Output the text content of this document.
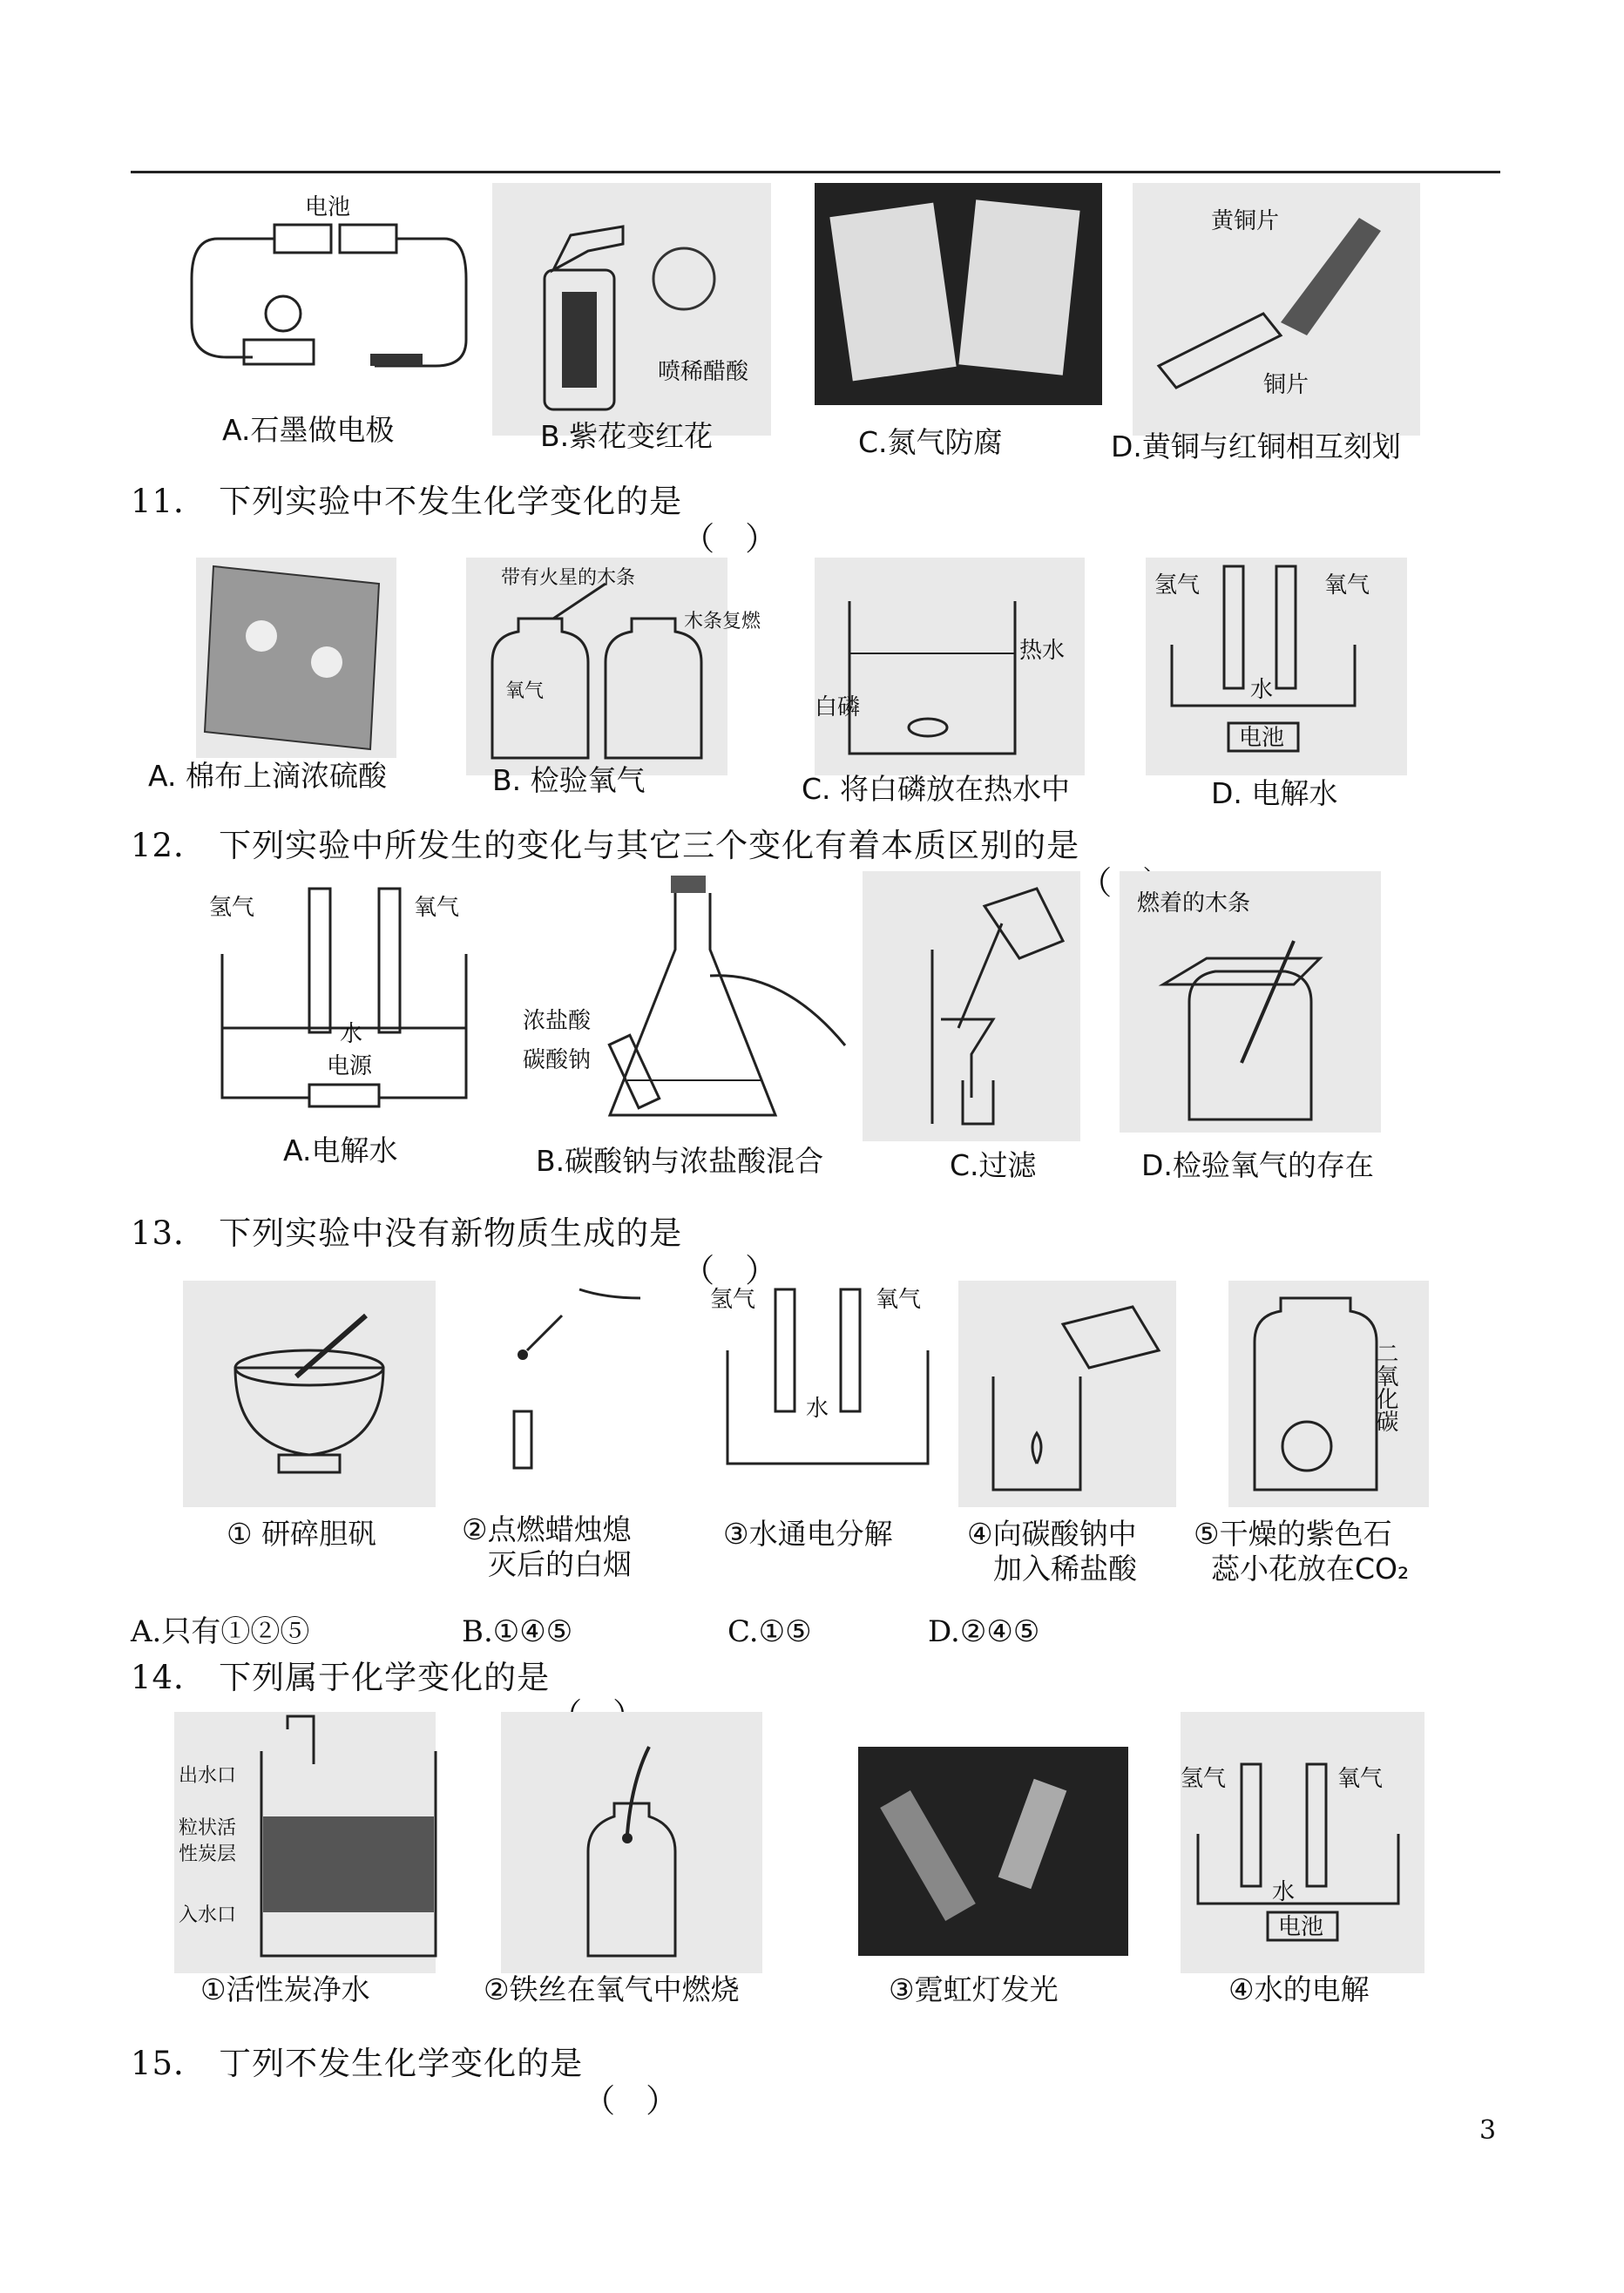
电池
喷稀醋酸
黄铜片
铜片
A.石墨做电极	B.紫花变红花	C.氮气防腐	D.黄铜与红铜相互刻划
11． 下列实验中不发生化学变化的是
带有火星的木条
氧气
木条复燃
热水
白磷
氢气	氧气
水
电池
A. 棉布上滴浓硫酸	B. 检验氧气	C. 将白磷放在热水中	D. 电解水
12． 下列实验中所发生的变化与其它三个变化有着本质区别的是
氢气	氧气
水
电源
浓盐酸
碳酸钠
燃着的木条
A.电解水	B.碳酸钠与浓盐酸混合	C.过滤	D.检验氧气的存在
13． 下列实验中没有新物质生成的是
氢气	氧气
水	二氧化碳
① 研碎胆矾	②点燃蜡烛熄
灭后的白烟
③水通电分解	④向碳酸钠中
加入稀盐酸
⑤干燥的紫色石
蕊小花放在CO₂
A.只有①②⑤	B.①④⑤	C.①⑤	D.②④⑤
14． 下列属于化学变化的是
出水口
粒状活
性炭层
入水口
氢气	氧气
水
电池
①活性炭净水	②铁丝在氧气中燃烧	③霓虹灯发光	④水的电解
15． 丁列不发生化学变化的是
3
